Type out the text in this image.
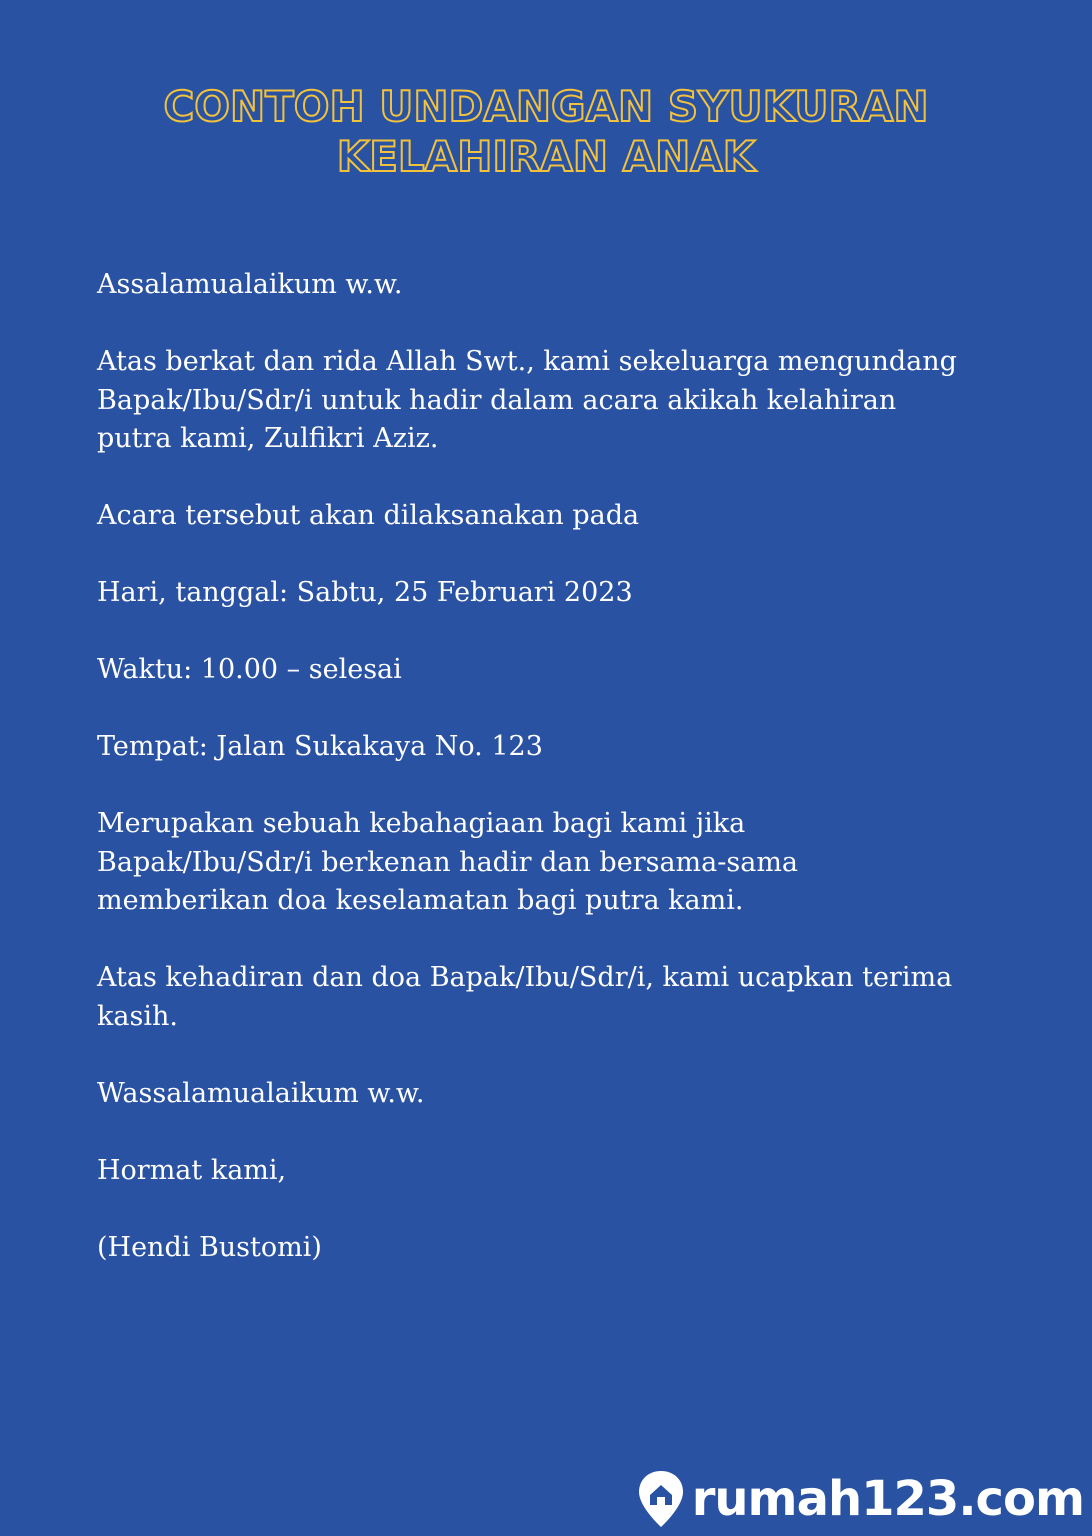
CONTOH UNDANGAN SYUKURAN
KELAHIRAN ANAK

Assalamualaikum w.w.

Atas berkat dan rida Allah Swt., kami sekeluarga mengundang
Bapak/Ibu/Sdr/i untuk hadir dalam acara akikah kelahiran
putra kami, Zulfikri Aziz.

Acara tersebut akan dilaksanakan pada

Hari, tanggal: Sabtu, 25 Februari 2023

Waktu: 10.00 – selesai

Tempat: Jalan Sukakaya No. 123

Merupakan sebuah kebahagiaan bagi kami jika
Bapak/Ibu/Sdr/i berkenan hadir dan bersama-sama
memberikan doa keselamatan bagi putra kami.

Atas kehadiran dan doa Bapak/Ibu/Sdr/i, kami ucapkan terima
kasih.

Wassalamualaikum w.w.

Hormat kami,

(Hendi Bustomi)

rumah123.com
